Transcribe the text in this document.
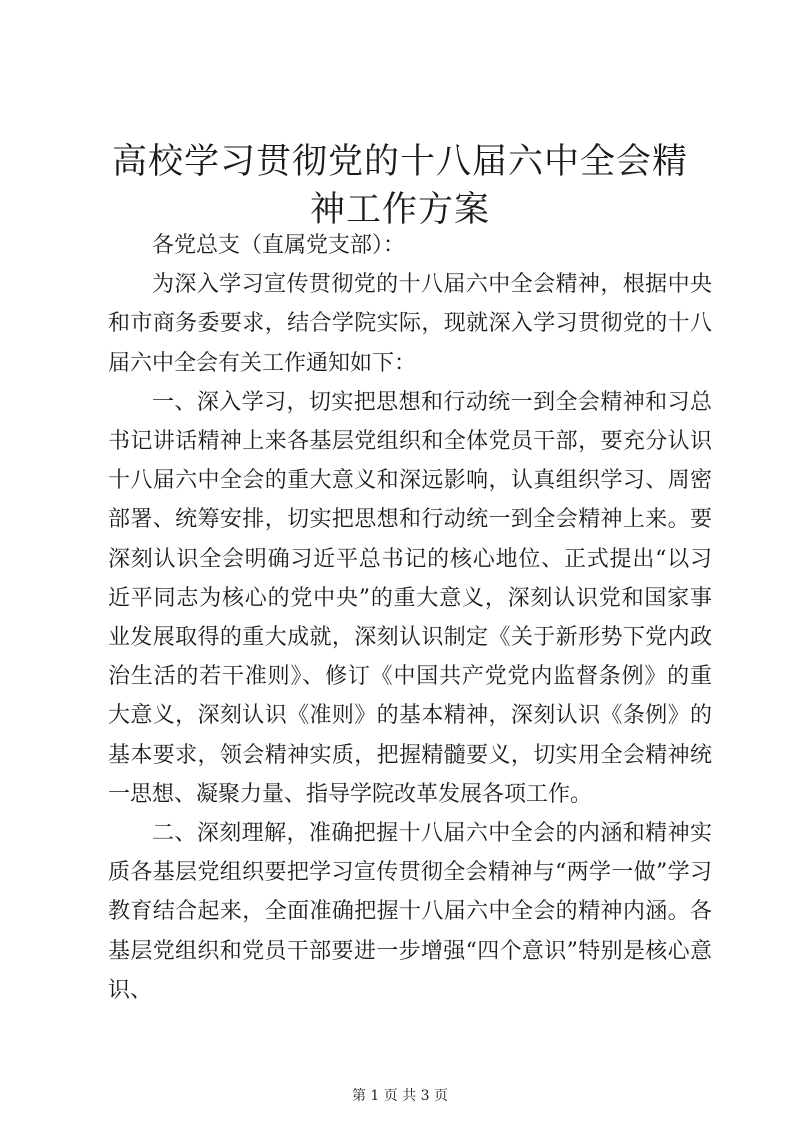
高校学习贯彻党的十八届六中全会精神工作方案

各党总支（直属党支部）：

为深入学习宣传贯彻党的十八届六中全会精神，根据中央和市商务委要求，结合学院实际，现就深入学习贯彻党的十八届六中全会有关工作通知如下：

一、深入学习，切实把思想和行动统一到全会精神和习总书记讲话精神上来各基层党组织和全体党员干部，要充分认识十八届六中全会的重大意义和深远影响，认真组织学习、周密部署、统筹安排，切实把思想和行动统一到全会精神上来。要深刻认识全会明确习近平总书记的核心地位、正式提出“以习近平同志为核心的党中央”的重大意义，深刻认识党和国家事业发展取得的重大成就，深刻认识制定《关于新形势下党内政治生活的若干准则》、修订《中国共产党党内监督条例》的重大意义，深刻认识《准则》的基本精神，深刻认识《条例》的基本要求，领会精神实质，把握精髓要义，切实用全会精神统一思想、凝聚力量、指导学院改革发展各项工作。

二、深刻理解，准确把握十八届六中全会的内涵和精神实质各基层党组织要把学习宣传贯彻全会精神与“两学一做”学习教育结合起来，全面准确把握十八届六中全会的精神内涵。各基层党组织和党员干部要进一步增强“四个意识”特别是核心意识、

第 1 页 共 3 页
